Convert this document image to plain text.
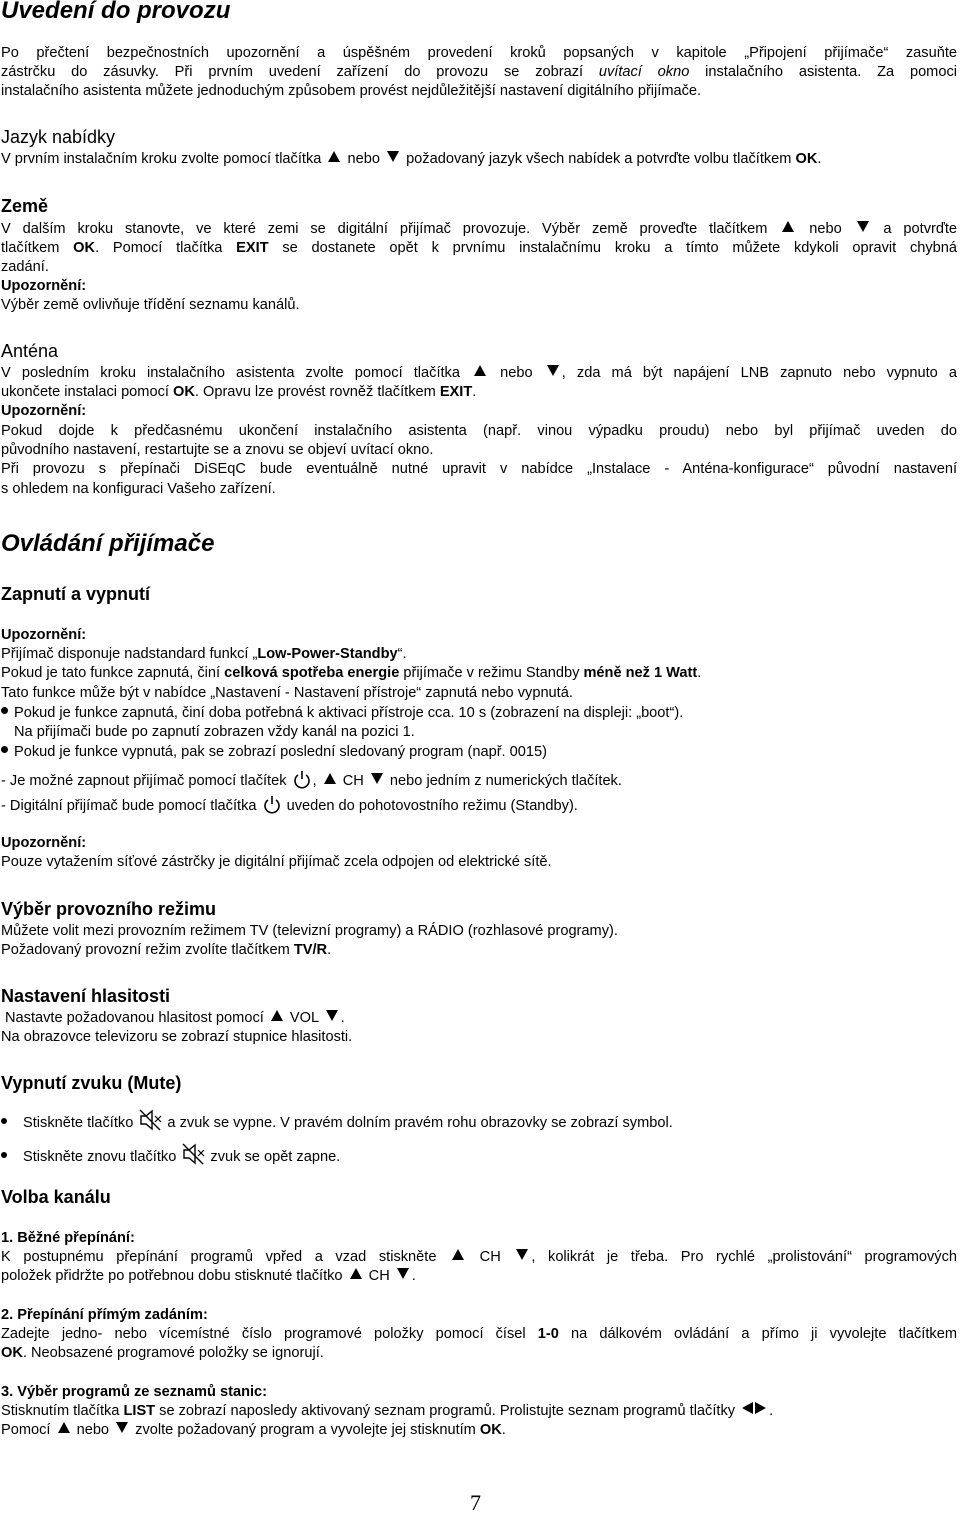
Uvedení do provozu
Po přečtení bezpečnostních upozornění a úspěšném provedení kroků popsaných v kapitole „Připojení přijímače“ zasuňte
zástrčku do zásuvky. Při prvním uvedení zařízení do provozu se zobrazí uvítací okno instalačního asistenta. Za pomoci
instalačního asistenta můžete jednoduchým způsobem provést nejdůležitější nastavení digitálního přijímače.
Jazyk nabídky
V prvním instalačním kroku zvolte pomocí tlačítka  nebo  požadovaný jazyk všech nabídek a potvrďte volbu tlačítkem OK.
Země
V dalším kroku stanovte, ve které zemi se digitální přijímač provozuje. Výběr země proveďte tlačítkem  nebo  a potvrďte
tlačítkem OK. Pomocí tlačítka EXIT se dostanete opět k prvnímu instalačnímu kroku a tímto můžete kdykoli opravit chybná
zadání.
Upozornění:
Výběr země ovlivňuje třídění seznamu kanálů.
Anténa
V posledním kroku instalačního asistenta zvolte pomocí tlačítka  nebo , zda má být napájení LNB zapnuto nebo vypnuto a
ukončete instalaci pomocí OK. Opravu lze provést rovněž tlačítkem EXIT.
Upozornění:
Pokud dojde k předčasnému ukončení instalačního asistenta (např. vinou výpadku proudu) nebo byl přijímač uveden do
původního nastavení, restartujte se a znovu se objeví uvítací okno.
Při provozu s přepínači DiSEqC bude eventuálně nutné upravit v nabídce „Instalace - Anténa-konfigurace“ původní nastavení
s ohledem na konfiguraci Vašeho zařízení.
Ovládání přijímače
Zapnutí a vypnutí
Upozornění:
Přijímač disponuje nadstandard funkcí „Low-Power-Standby“.
Pokud je tato funkce zapnutá, činí celková spotřeba energie přijímače v režimu Standby méně než 1 Watt.
Tato funkce může být v nabídce „Nastavení - Nastavení přístroje“ zapnutá nebo vypnutá.
Pokud je funkce zapnutá, činí doba potřebná k aktivaci přístroje cca. 10 s (zobrazení na displeji: „boot“).
Na přijímači bude po zapnutí zobrazen vždy kanál na pozici 1.
Pokud je funkce vypnutá, pak se zobrazí poslední sledovaný program (např. 0015)
- Je možné zapnout přijímač pomocí tlačítek ,  CH  nebo jedním z numerických tlačítek.
- Digitální přijímač bude pomocí tlačítka  uveden do pohotovostního režimu (Standby).
Upozornění:
Pouze vytažením síťové zástrčky je digitální přijímač zcela odpojen od elektrické sítě.
Výběr provozního režimu
Můžete volit mezi provozním režimem TV (televizní programy) a RÁDIO (rozhlasové programy).
Požadovaný provozní režim zvolíte tlačítkem TV/R.
Nastavení hlasitosti
Nastavte požadovanou hlasitost pomocí  VOL .
Na obrazovce televizoru se zobrazí stupnice hlasitosti.
Vypnutí zvuku (Mute)
Stiskněte tlačítko  a zvuk se vypne. V pravém dolním pravém rohu obrazovky se zobrazí symbol.
Stiskněte znovu tlačítko  zvuk se opět zapne.
Volba kanálu
1. Běžné přepínání:
K postupnému přepínání programů vpřed a vzad stiskněte  CH , kolikrát je třeba. Pro rychlé „prolistování“ programových
položek přidržte po potřebnou dobu stisknuté tlačítko  CH .
2. Přepínání přímým zadáním:
Zadejte jedno- nebo vícemístné číslo programové položky pomocí čísel 1-0 na dálkovém ovládání a přímo ji vyvolejte tlačítkem
OK. Neobsazené programové položky se ignorují.
3. Výběr programů ze seznamů stanic:
Stisknutím tlačítka LIST se zobrazí naposledy aktivovaný seznam programů. Prolistujte seznam programů tlačítky .
Pomocí  nebo  zvolte požadovaný program a vyvolejte jej stisknutím OK.
7
